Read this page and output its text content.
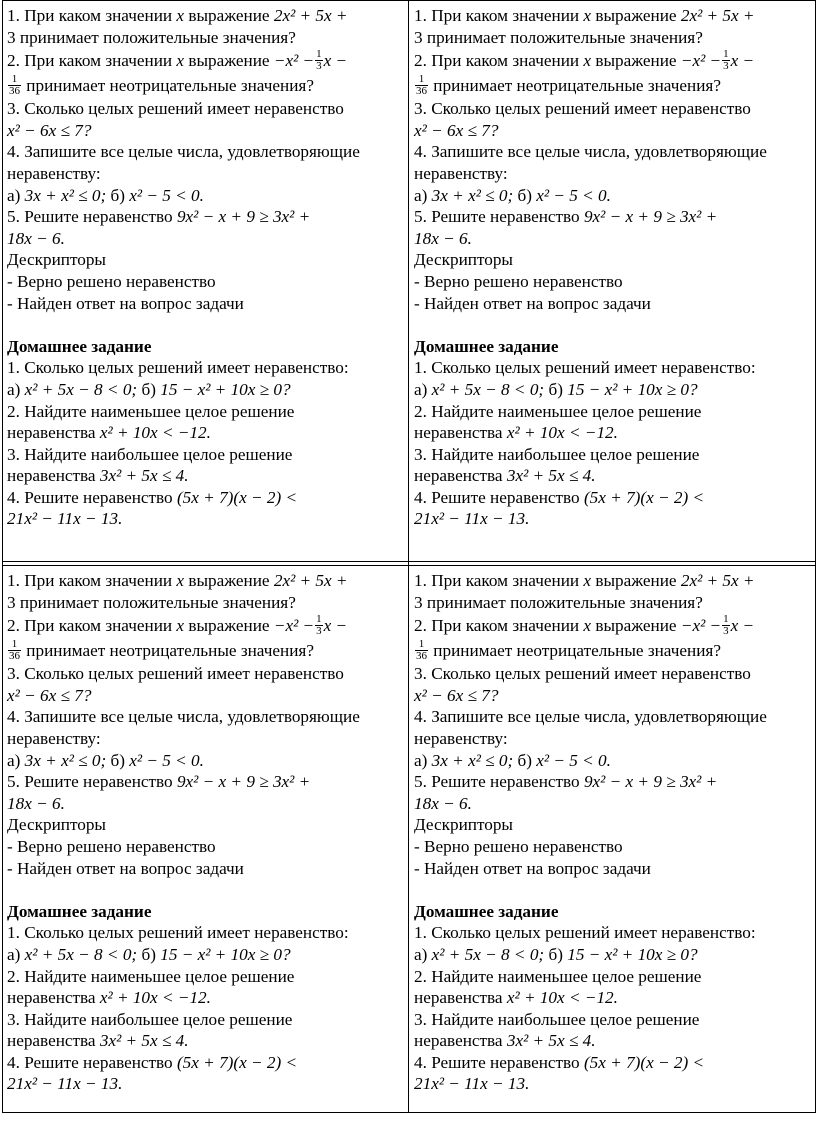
1. При каком значении x выражение 2x² + 5x +
3 принимает положительные значения?
2. При каком значении x выражение $-x^2 - \frac{1}{3}$ x −
$\frac{1}{36}$ принимает неотрицательные значения?
3. Сколько целых решений имеет неравенство
x² − 6x ≤ 7?
4. Запишите все целые числа, удовлетворяющие
неравенству:
а) 3x + x² ≤ 0; б) x² − 5 < 0.
5. Решите неравенство 9x² − x + 9 ≥ 3x² +
18x − 6.
Дескрипторы
- Верно решено неравенство
- Найден ответ на вопрос задачи
Домашнее задание
1. Сколько целых решений имеет неравенство:
а) x² + 5x − 8 < 0; б) 15 − x² + 10x ≥ 0?
2. Найдите наименьшее целое решение
неравенства x² + 10x < −12.
3. Найдите наибольшее целое решение
неравенства 3x² + 5x ≤ 4.
4. Решите неравенство (5x + 7)(x − 2) <
21x² − 11x − 13.
1. При каком значении x выражение 2x² + 5x +
3 принимает положительные значения?
2. При каком значении x выражение $-x^2 - \frac{1}{3}$ x −
$\frac{1}{36}$ принимает неотрицательные значения?
3. Сколько целых решений имеет неравенство
x² − 6x ≤ 7?
4. Запишите все целые числа, удовлетворяющие
неравенству:
а) 3x + x² ≤ 0; б) x² − 5 < 0.
5. Решите неравенство 9x² − x + 9 ≥ 3x² +
18x − 6.
Дескрипторы
- Верно решено неравенство
- Найден ответ на вопрос задачи
Домашнее задание
1. Сколько целых решений имеет неравенство:
а) x² + 5x − 8 < 0; б) 15 − x² + 10x ≥ 0?
2. Найдите наименьшее целое решение
неравенства x² + 10x < −12.
3. Найдите наибольшее целое решение
неравенства 3x² + 5x ≤ 4.
4. Решите неравенство (5x + 7)(x − 2) <
21x² − 11x − 13.
1. При каком значении x выражение 2x² + 5x +
3 принимает положительные значения?
2. При каком значении x выражение $-x^2 - \frac{1}{3}$ x −
$\frac{1}{36}$ принимает неотрицательные значения?
3. Сколько целых решений имеет неравенство
x² − 6x ≤ 7?
4. Запишите все целые числа, удовлетворяющие
неравенству:
а) 3x + x² ≤ 0; б) x² − 5 < 0.
5. Решите неравенство 9x² − x + 9 ≥ 3x² +
18x − 6.
Дескрипторы
- Верно решено неравенство
- Найден ответ на вопрос задачи
Домашнее задание
1. Сколько целых решений имеет неравенство:
а) x² + 5x − 8 < 0; б) 15 − x² + 10x ≥ 0?
2. Найдите наименьшее целое решение
неравенства x² + 10x < −12.
3. Найдите наибольшее целое решение
неравенства 3x² + 5x ≤ 4.
4. Решите неравенство (5x + 7)(x − 2) <
21x² − 11x − 13.
1. При каком значении x выражение 2x² + 5x +
3 принимает положительные значения?
2. При каком значении x выражение $-x^2 - \frac{1}{3}$ x −
$\frac{1}{36}$ принимает неотрицательные значения?
3. Сколько целых решений имеет неравенство
x² − 6x ≤ 7?
4. Запишите все целые числа, удовлетворяющие
неравенству:
а) 3x + x² ≤ 0; б) x² − 5 < 0.
5. Решите неравенство 9x² − x + 9 ≥ 3x² +
18x − 6.
Дескрипторы
- Верно решено неравенство
- Найден ответ на вопрос задачи
Домашнее задание
1. Сколько целых решений имеет неравенство:
а) x² + 5x − 8 < 0; б) 15 − x² + 10x ≥ 0?
2. Найдите наименьшее целое решение
неравенства x² + 10x < −12.
3. Найдите наибольшее целое решение
неравенства 3x² + 5x ≤ 4.
4. Решите неравенство (5x + 7)(x − 2) <
21x² − 11x − 13.
